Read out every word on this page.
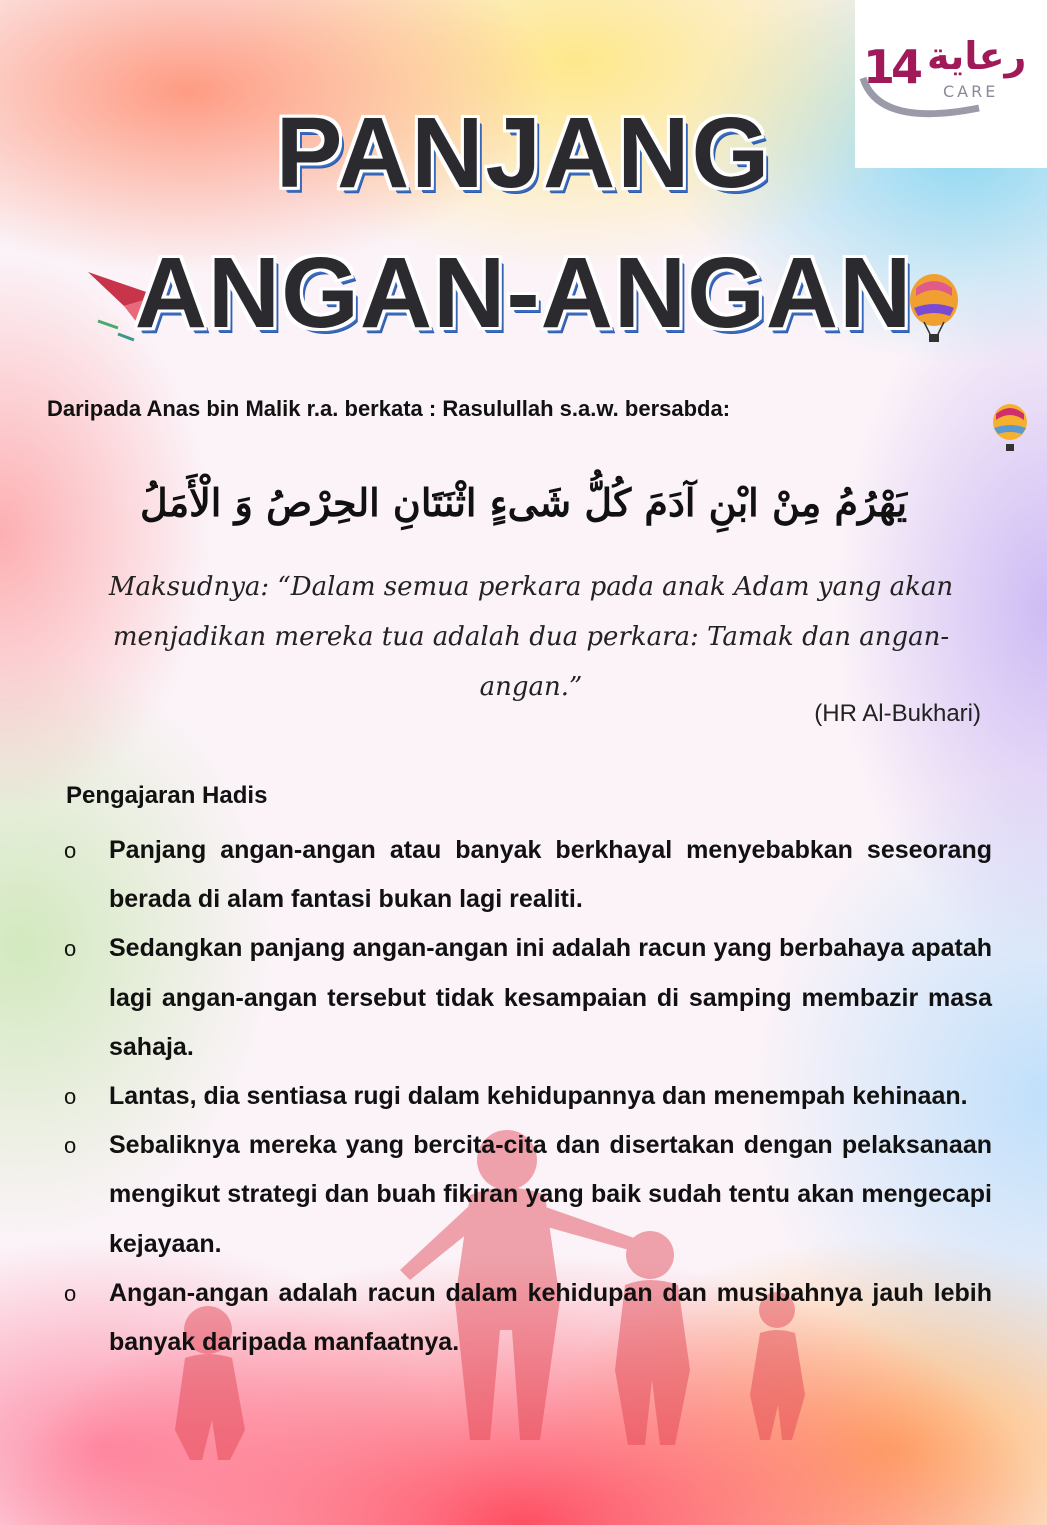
14 رعاية
CARE
PANJANG
ANGAN-ANGAN
Daripada Anas bin Malik r.a. berkata : Rasulullah s.a.w. bersabda:
يَهْرُمُ مِنْ ابْنِ آدَمَ كُلُّ شَىءٍ اثْنَتَانِ الحِرْصُ وَ الْأَمَلُ
Maksudnya: “Dalam semua perkara pada anak Adam yang akan menjadikan mereka tua adalah dua perkara: Tamak dan angan-angan.”
(HR Al-Bukhari)
Pengajaran Hadis
o Panjang angan-angan atau banyak berkhayal menyebabkan seseorang berada di alam fantasi bukan lagi realiti.
o Sedangkan panjang angan-angan ini adalah racun yang berbahaya apatah lagi angan-angan tersebut tidak kesampaian di samping membazir masa sahaja.
o Lantas, dia sentiasa rugi dalam kehidupannya dan menempah kehinaan.
o Sebaliknya mereka yang bercita-cita dan disertakan dengan pelaksanaan mengikut strategi dan buah fikiran yang baik sudah tentu akan mengecapi kejayaan.
o Angan-angan adalah racun dalam kehidupan dan musibahnya jauh lebih banyak daripada manfaatnya.
